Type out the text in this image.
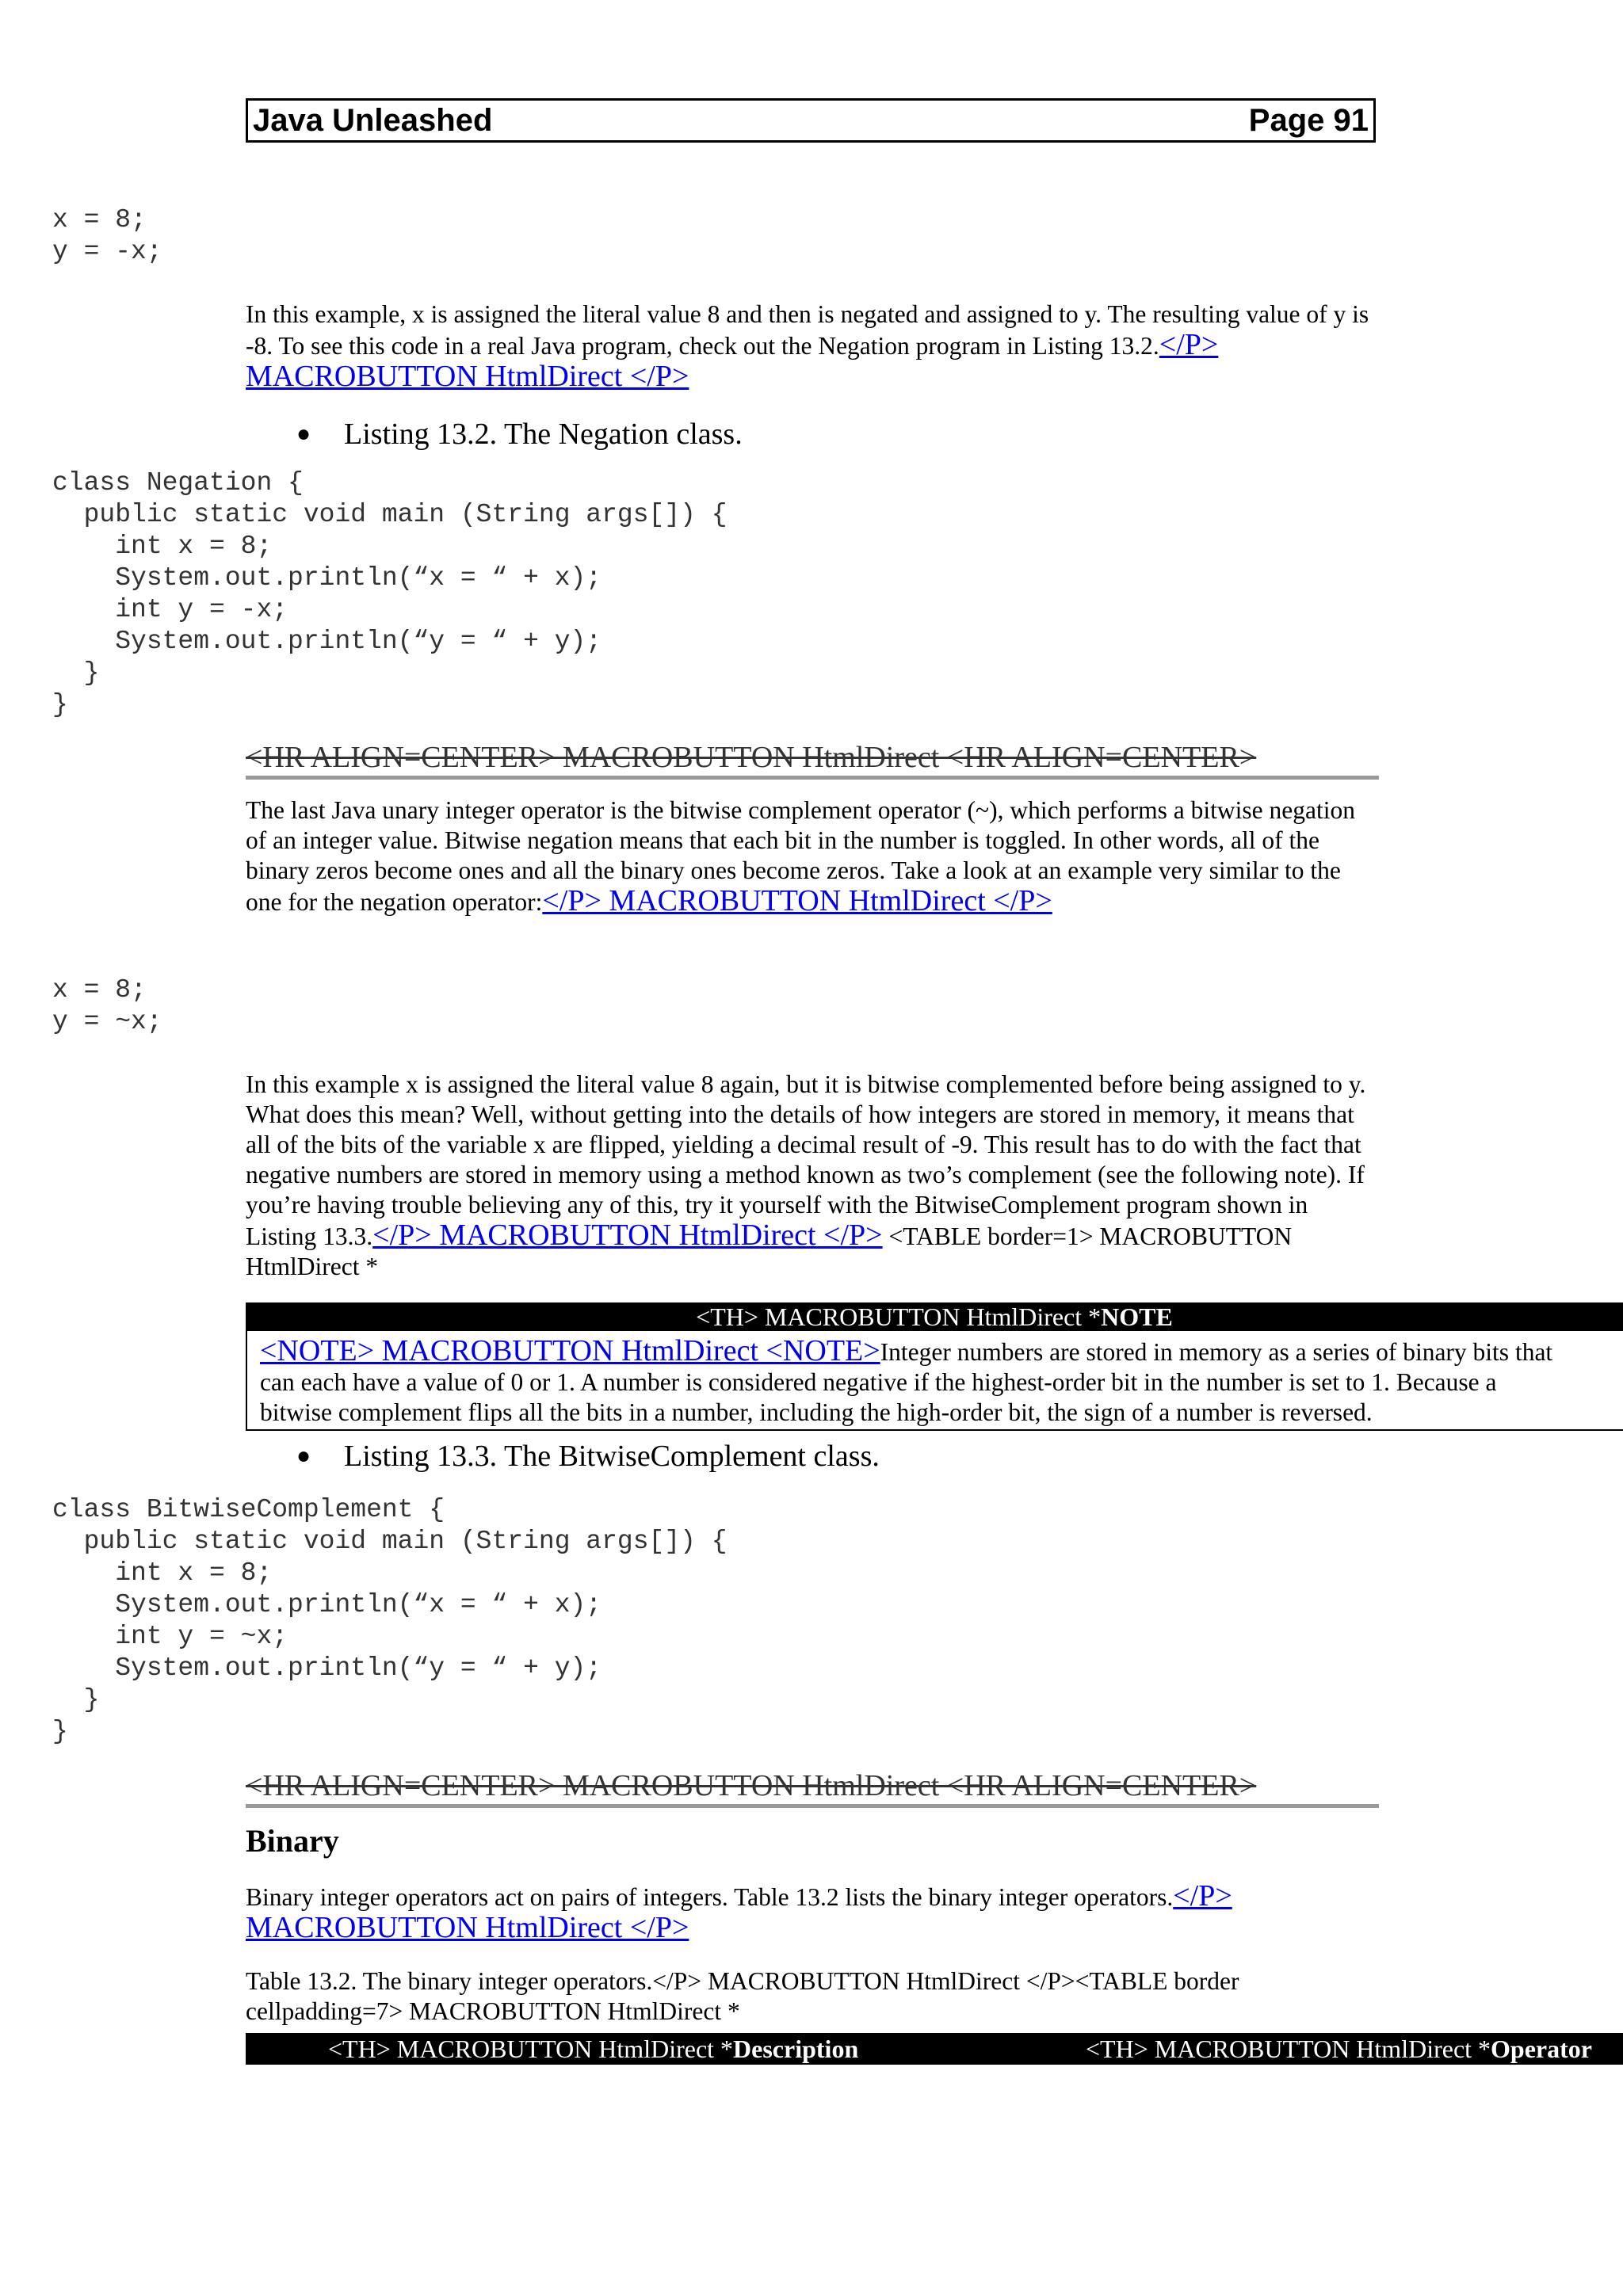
Java Unleashed	Page 91
x = 8;
y = -x;

In this example, x is assigned the literal value 8 and then is negated and assigned to y. The resulting value of y is -8. To see this code in a real Java program, check out the Negation program in Listing 13.2.</P> MACROBUTTON HtmlDirect </P>

●	Listing 13.2. The Negation class.
class Negation {
public static void main (String args[]) {
int x = 8;
System.out.println(“x = “ + x);
int y = -x;
System.out.println(“y = “ + y);
}
}
<HR ALIGN=CENTER> MACROBUTTON HtmlDirect <HR ALIGN=CENTER>

The last Java unary integer operator is the bitwise complement operator (~), which performs a bitwise negation of an integer value. Bitwise negation means that each bit in the number is toggled. In other words, all of the binary zeros become ones and all the binary ones become zeros. Take a look at an example very similar to the one for the negation operator:</P> MACROBUTTON HtmlDirect </P>

x = 8;
y = ~x;

In this example x is assigned the literal value 8 again, but it is bitwise complemented before being assigned to y. What does this mean? Well, without getting into the details of how integers are stored in memory, it means that all of the bits of the variable x are flipped, yielding a decimal result of -9. This result has to do with the fact that negative numbers are stored in memory using a method known as two’s complement (see the following note). If you’re having trouble believing any of this, try it yourself with the BitwiseComplement program shown in Listing 13.3.</P> MACROBUTTON HtmlDirect </P> <TABLE border=1> MACROBUTTON HtmlDirect *

<TH> MACROBUTTON HtmlDirect *NOTE
<NOTE> MACROBUTTON HtmlDirect <NOTE>Integer numbers are stored in memory as a series of binary bits that
can each have a value of 0 or 1. A number is considered negative if the highest-order bit in the number is set to 1. Because a
bitwise complement flips all the bits in a number, including the high-order bit, the sign of a number is reversed.
●	Listing 13.3. The BitwiseComplement class.
class BitwiseComplement {
public static void main (String args[]) {
int x = 8;
System.out.println(“x = “ + x);
int y = ~x;
System.out.println(“y = “ + y);
}
}
<HR ALIGN=CENTER> MACROBUTTON HtmlDirect <HR ALIGN=CENTER>
Binary

Binary integer operators act on pairs of integers. Table 13.2 lists the binary integer operators.</P> MACROBUTTON HtmlDirect </P>

Table 13.2. The binary integer operators.</P> MACROBUTTON HtmlDirect </P><TABLE border
cellpadding=7> MACROBUTTON HtmlDirect *

<TH> MACROBUTTON HtmlDirect *Description	<TH> MACROBUTTON HtmlDirect *Operator
